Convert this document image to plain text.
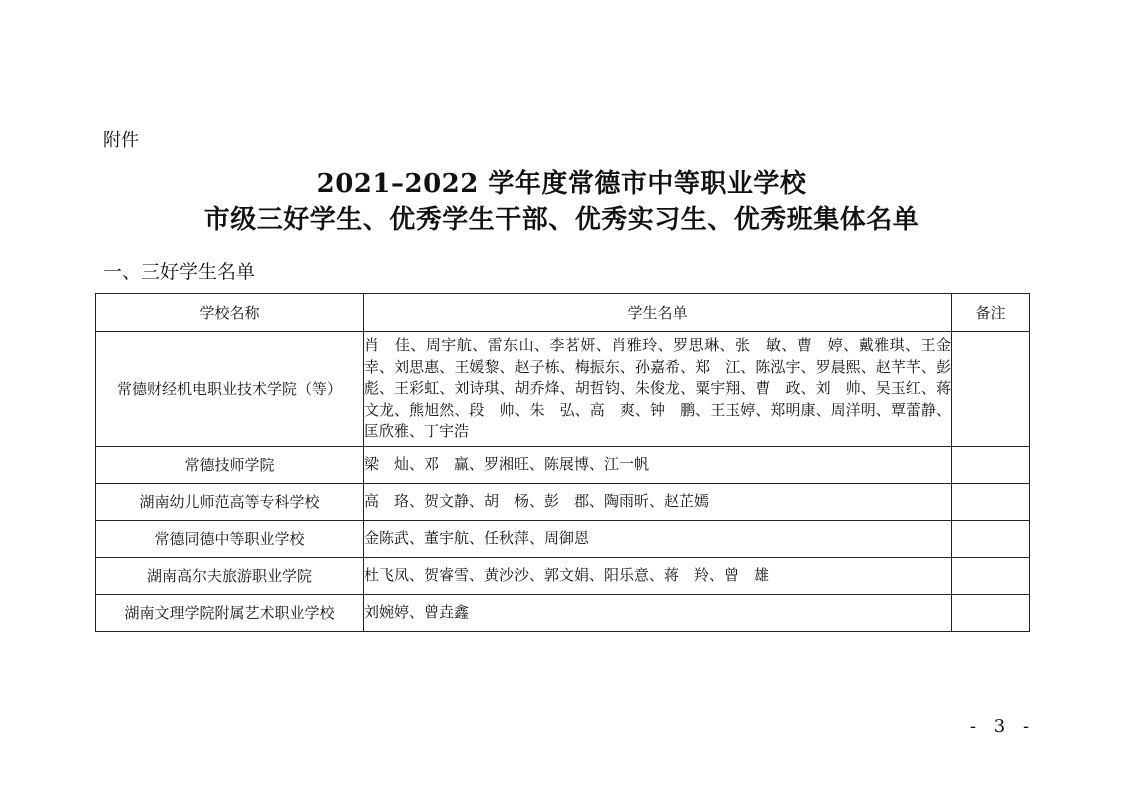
附件
2021–2022 学年度常德市中等职业学校
市级三好学生、优秀学生干部、优秀实习生、优秀班集体名单
一、三好学生名单
学校名称	学生名单	备注
常德财经机电职业技术学院（等）	肖　佳、周宇航、雷东山、李茗妍、肖雅玲、罗思琳、张　敏、曹　婷、戴雅琪、王金幸、刘思惠、王媛黎、赵子栋、梅振东、孙嘉希、郑　江、陈泓宇、罗晨熙、赵芊芊、彭　彪、王彩虹、刘诗琪、胡乔烽、胡哲钧、朱俊龙、粟宇翔、曹　政、刘　帅、吴玉红、蒋文龙、熊旭然、段　帅、朱　弘、高　爽、钟　鹏、王玉婷、郑明康、周洋明、覃蕾静、匡欣雅、丁宇浩	
常德技师学院	梁　灿、邓　赢、罗湘旺、陈展博、江一帆	
湖南幼儿师范高等专科学校	高　珞、贺文静、胡　杨、彭　郡、陶雨昕、赵芷嫣	
常德同德中等职业学校	金陈武、董宇航、任秋萍、周御恩	
湖南高尔夫旅游职业学院	杜飞凤、贺睿雪、黄沙沙、郭文娟、阳乐意、蒋　羚、曾　雄	
湖南文理学院附属艺术职业学校	刘婉婷、曾垚鑫	
- 3 -
